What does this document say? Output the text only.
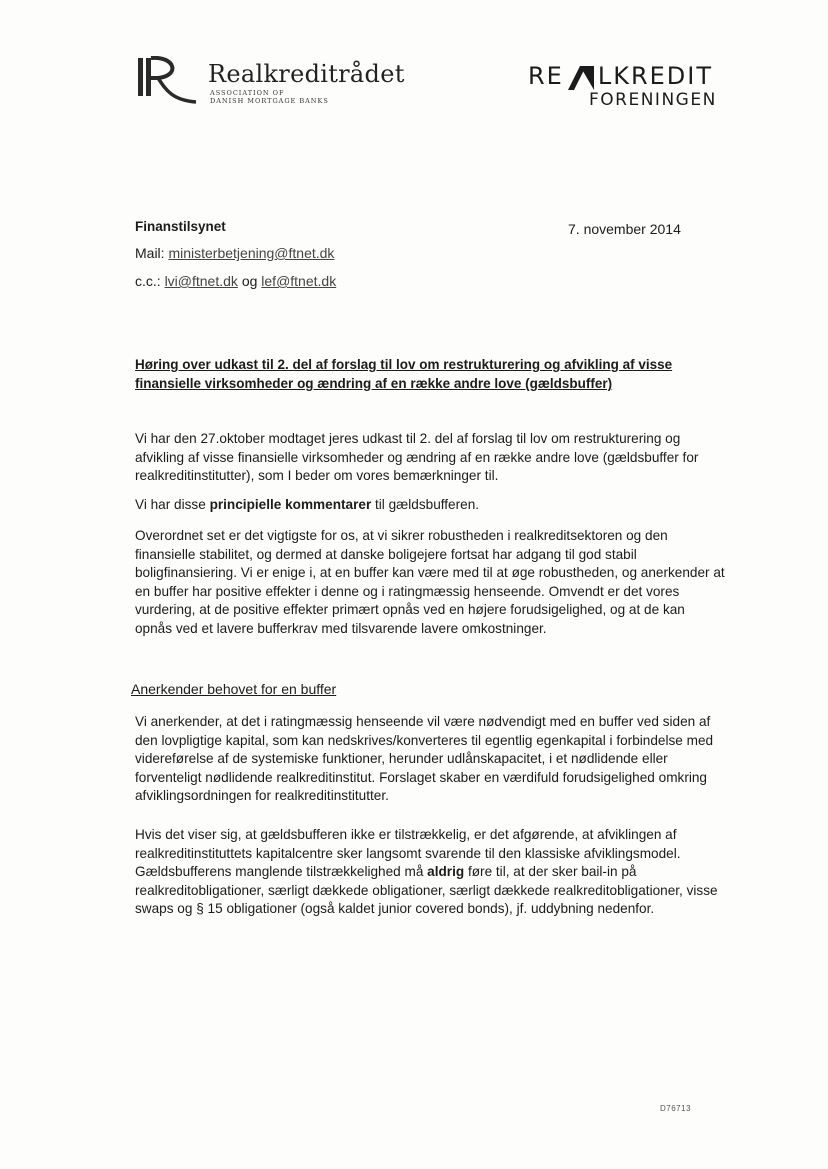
Realkreditrådet
ASSOCIATION OF
DANISH MORTGAGE BANKS
RE LKREDIT
FORENINGEN
Finanstilsynet
Mail: ministerbetjening@ftnet.dk
c.c.: lvi@ftnet.dk og lef@ftnet.dk
7. november 2014
Høring over udkast til 2. del af forslag til lov om restrukturering og afvikling af visse finansielle virksomheder og ændring af en række andre love (gældsbuffer)

Vi har den 27.oktober modtaget jeres udkast til 2. del af forslag til lov om restrukturering og afvikling af visse finansielle virksomheder og ændring af en række andre love (gældsbuffer for realkreditinstitutter), som I beder om vores bemærkninger til.

Vi har disse principielle kommentarer til gældsbufferen.

Overordnet set er det vigtigste for os, at vi sikrer robustheden i realkreditsektoren og den finansielle stabilitet, og dermed at danske boligejere fortsat har adgang til god stabil boligfinansiering. Vi er enige i, at en buffer kan være med til at øge robustheden, og anerkender at en buffer har positive effekter i denne og i ratingmæssig henseende. Omvendt er det vores vurdering, at de positive effekter primært opnås ved en højere forudsigelighed, og at de kan opnås ved et lavere bufferkrav med tilsvarende lavere omkostninger.

Anerkender behovet for en buffer

Vi anerkender, at det i ratingmæssig henseende vil være nødvendigt med en buffer ved siden af den lovpligtige kapital, som kan nedskrives/konverteres til egentlig egenkapital i forbindelse med videreførelse af de systemiske funktioner, herunder udlånskapacitet, i et nødlidende eller forventeligt nødlidende realkreditinstitut. Forslaget skaber en værdifuld forudsigelighed omkring afviklingsordningen for realkreditinstitutter.

Hvis det viser sig, at gældsbufferen ikke er tilstrækkelig, er det afgørende, at afviklingen af realkreditinstituttets kapitalcentre sker langsomt svarende til den klassiske afviklingsmodel. Gældsbufferens manglende tilstrækkelighed må aldrig føre til, at der sker bail-in på realkreditobligationer, særligt dækkede obligationer, særligt dækkede realkreditobligationer, visse swaps og § 15 obligationer (også kaldet junior covered bonds), jf. uddybning nedenfor.

D76713
